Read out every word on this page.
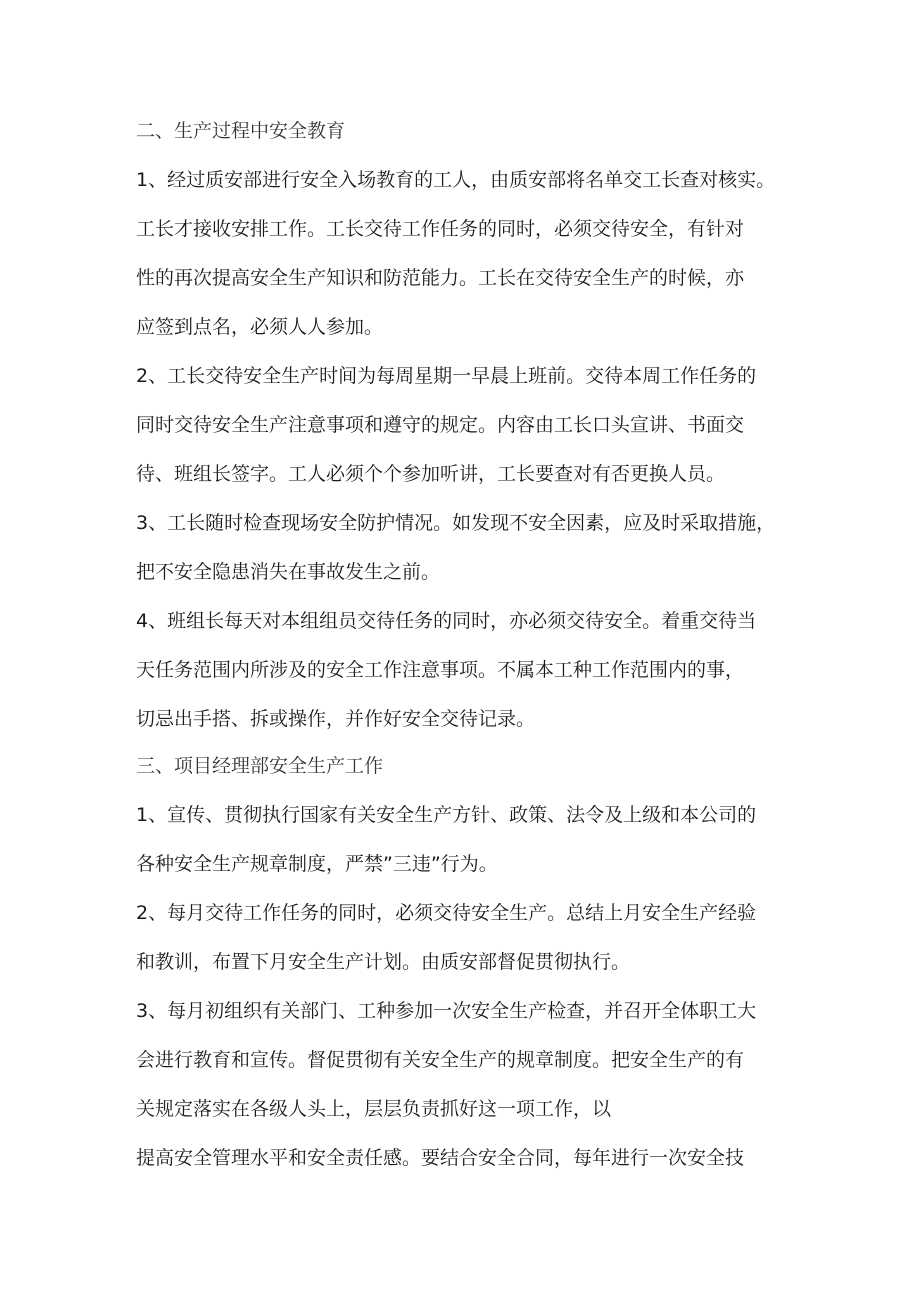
二、生产过程中安全教育
1、经过质安部进行安全入场教育的工人，由质安部将名单交工长查对核实。
工长才接收安排工作。工长交待工作任务的同时，必须交待安全，有针对
性的再次提高安全生产知识和防范能力。工长在交待安全生产的时候，亦
应签到点名，必须人人参加。
2、工长交待安全生产时间为每周星期一早晨上班前。交待本周工作任务的
同时交待安全生产注意事项和遵守的规定。内容由工长口头宣讲、书面交
待、班组长签字。工人必须个个参加听讲，工长要查对有否更换人员。
3、工长随时检查现场安全防护情况。如发现不安全因素，应及时采取措施，
把不安全隐患消失在事故发生之前。
4、班组长每天对本组组员交待任务的同时，亦必须交待安全。着重交待当
天任务范围内所涉及的安全工作注意事项。不属本工种工作范围内的事，
切忌出手搭、拆或操作，并作好安全交待记录。
三、项目经理部安全生产工作
1、宣传、贯彻执行国家有关安全生产方针、政策、法令及上级和本公司的
各种安全生产规章制度，严禁”三违”行为。
2、每月交待工作任务的同时，必须交待安全生产。总结上月安全生产经验
和教训，布置下月安全生产计划。由质安部督促贯彻执行。
3、每月初组织有关部门、工种参加一次安全生产检查，并召开全体职工大
会进行教育和宣传。督促贯彻有关安全生产的规章制度。把安全生产的有
关规定落实在各级人头上，层层负责抓好这一项工作，以
提高安全管理水平和安全责任感。要结合安全合同，每年进行一次安全技
